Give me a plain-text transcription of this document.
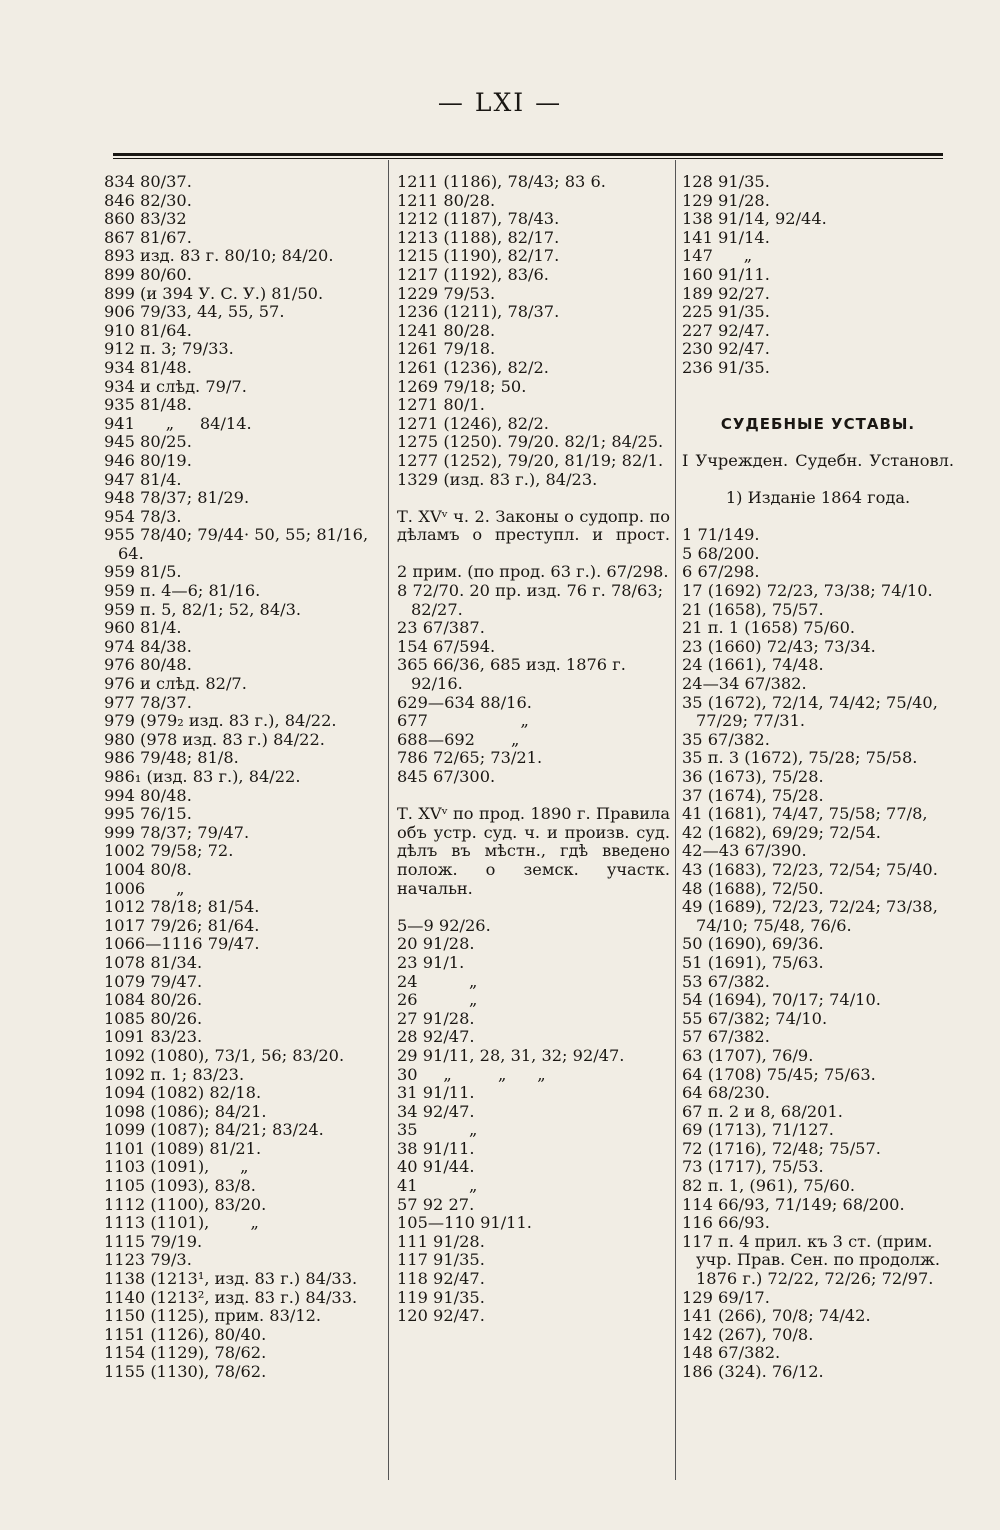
— LXI —
834 80/37.
846 82/30.
860 83/32
867 81/67.
893 изд. 83 г. 80/10; 84/20.
899 80/60.
899 (и 394 У. С. У.) 81/50.
906 79/33, 44, 55, 57.
910 81/64.
912 п. 3; 79/33.
934 81/48.
934 и слѣд. 79/7.
935 81/48.
941      „     84/14.
945 80/25.
946 80/19.
947 81/4.
948 78/37; 81/29.
954 78/3.
955 78/40; 79/44· 50, 55; 81/16, 64.
959 81/5.
959 п. 4—6; 81/16.
959 п. 5, 82/1; 52, 84/3.
960 81/4.
974 84/38.
976 80/48.
976 и слѣд. 82/7.
977 78/37.
979 (979₂ изд. 83 г.), 84/22.
980 (978 изд. 83 г.) 84/22.
986 79/48; 81/8.
986₁ (изд. 83 г.), 84/22.
994 80/48.
995 76/15.
999 78/37; 79/47.
1002 79/58; 72.
1004 80/8.
1006      „
1012 78/18; 81/54.
1017 79/26; 81/64.
1066—1116 79/47.
1078 81/34.
1079 79/47.
1084 80/26.
1085 80/26.
1091 83/23.
1092 (1080), 73/1, 56; 83/20.
1092 п. 1; 83/23.
1094 (1082) 82/18.
1098 (1086); 84/21.
1099 (1087); 84/21; 83/24.
1101 (1089) 81/21.
1103 (1091),      „
1105 (1093), 83/8.
1112 (1100), 83/20.
1113 (1101),        „
1115 79/19.
1123 79/3.
1138 (1213¹, изд. 83 г.) 84/33.
1140 (1213², изд. 83 г.) 84/33.
1150 (1125), прим. 83/12.
1151 (1126), 80/40.
1154 (1129), 78/62.
1155 (1130), 78/62.
1211 (1186), 78/43; 83 6.
1211 80/28.
1212 (1187), 78/43.
1213 (1188), 82/17.
1215 (1190), 82/17.
1217 (1192), 83/6.
1229 79/53.
1236 (1211), 78/37.
1241 80/28.
1261 79/18.
1261 (1236), 82/2.
1269 79/18; 50.
1271 80/1.
1271 (1246), 82/2.
1275 (1250). 79/20. 82/1; 84/25.
1277 (1252), 79/20, 81/19; 82/1.
1329 (изд. 83 г.), 84/23.
Т. XVᵛ ч. 2. Законы о судопр. по дѣламъ о преступл. и прост.
2 прим. (по прод. 63 г.). 67/298.
8 72/70. 20 пр. изд. 76 г. 78/63; 82/27.
23 67/387.
154 67/594.
365 66/36, 685 изд. 1876 г. 92/16.
629—634 88/16.
677                  „
688—692       „
786 72/65; 73/21.
845 67/300.
Т. XVᵛ по прод. 1890 г. Правила объ устр. суд. ч. и произв. суд. дѣлъ въ мѣстн., гдѣ введено полож. о земск. участк. начальн.
5—9 92/26.
20 91/28.
23 91/1.
24          „
26          „
27 91/28.
28 92/47.
29 91/11, 28, 31, 32; 92/47.
30     „         „      „
31 91/11.
34 92/47.
35          „
38 91/11.
40 91/44.
41          „
57 92 27.
105—110 91/11.
111 91/28.
117 91/35.
118 92/47.
119 91/35.
120 92/47.
128 91/35.
129 91/28.
138 91/14, 92/44.
141 91/14.
147      „
160 91/11.
189 92/27.
225 91/35.
227 92/47.
230 92/47.
236 91/35.
СУДЕБНЫЕ УСТАВЫ.
I Учрежден. Судебн. Установл.
1) Изданіе 1864 года.
1 71/149.
5 68/200.
6 67/298.
17 (1692) 72/23, 73/38; 74/10.
21 (1658), 75/57.
21 п. 1 (1658) 75/60.
23 (1660) 72/43; 73/34.
24 (1661), 74/48.
24—34 67/382.
35 (1672), 72/14, 74/42; 75/40, 77/29; 77/31.
35 67/382.
35 п. 3 (1672), 75/28; 75/58.
36 (1673), 75/28.
37 (1674), 75/28.
41 (1681), 74/47, 75/58; 77/8,
42 (1682), 69/29; 72/54.
42—43 67/390.
43 (1683), 72/23, 72/54; 75/40.
48 (1688), 72/50.
49 (1689), 72/23, 72/24; 73/38, 74/10; 75/48, 76/6.
50 (1690), 69/36.
51 (1691), 75/63.
53 67/382.
54 (1694), 70/17; 74/10.
55 67/382; 74/10.
57 67/382.
63 (1707), 76/9.
64 (1708) 75/45; 75/63.
64 68/230.
67 п. 2 и 8, 68/201.
69 (1713), 71/127.
72 (1716), 72/48; 75/57.
73 (1717), 75/53.
82 п. 1, (961), 75/60.
114 66/93, 71/149; 68/200.
116 66/93.
117 п. 4 прил. къ 3 ст. (прим. учр. Прав. Сен. по продолж. 1876 г.) 72/22, 72/26; 72/97.
129 69/17.
141 (266), 70/8; 74/42.
142 (267), 70/8.
148 67/382.
186 (324). 76/12.
